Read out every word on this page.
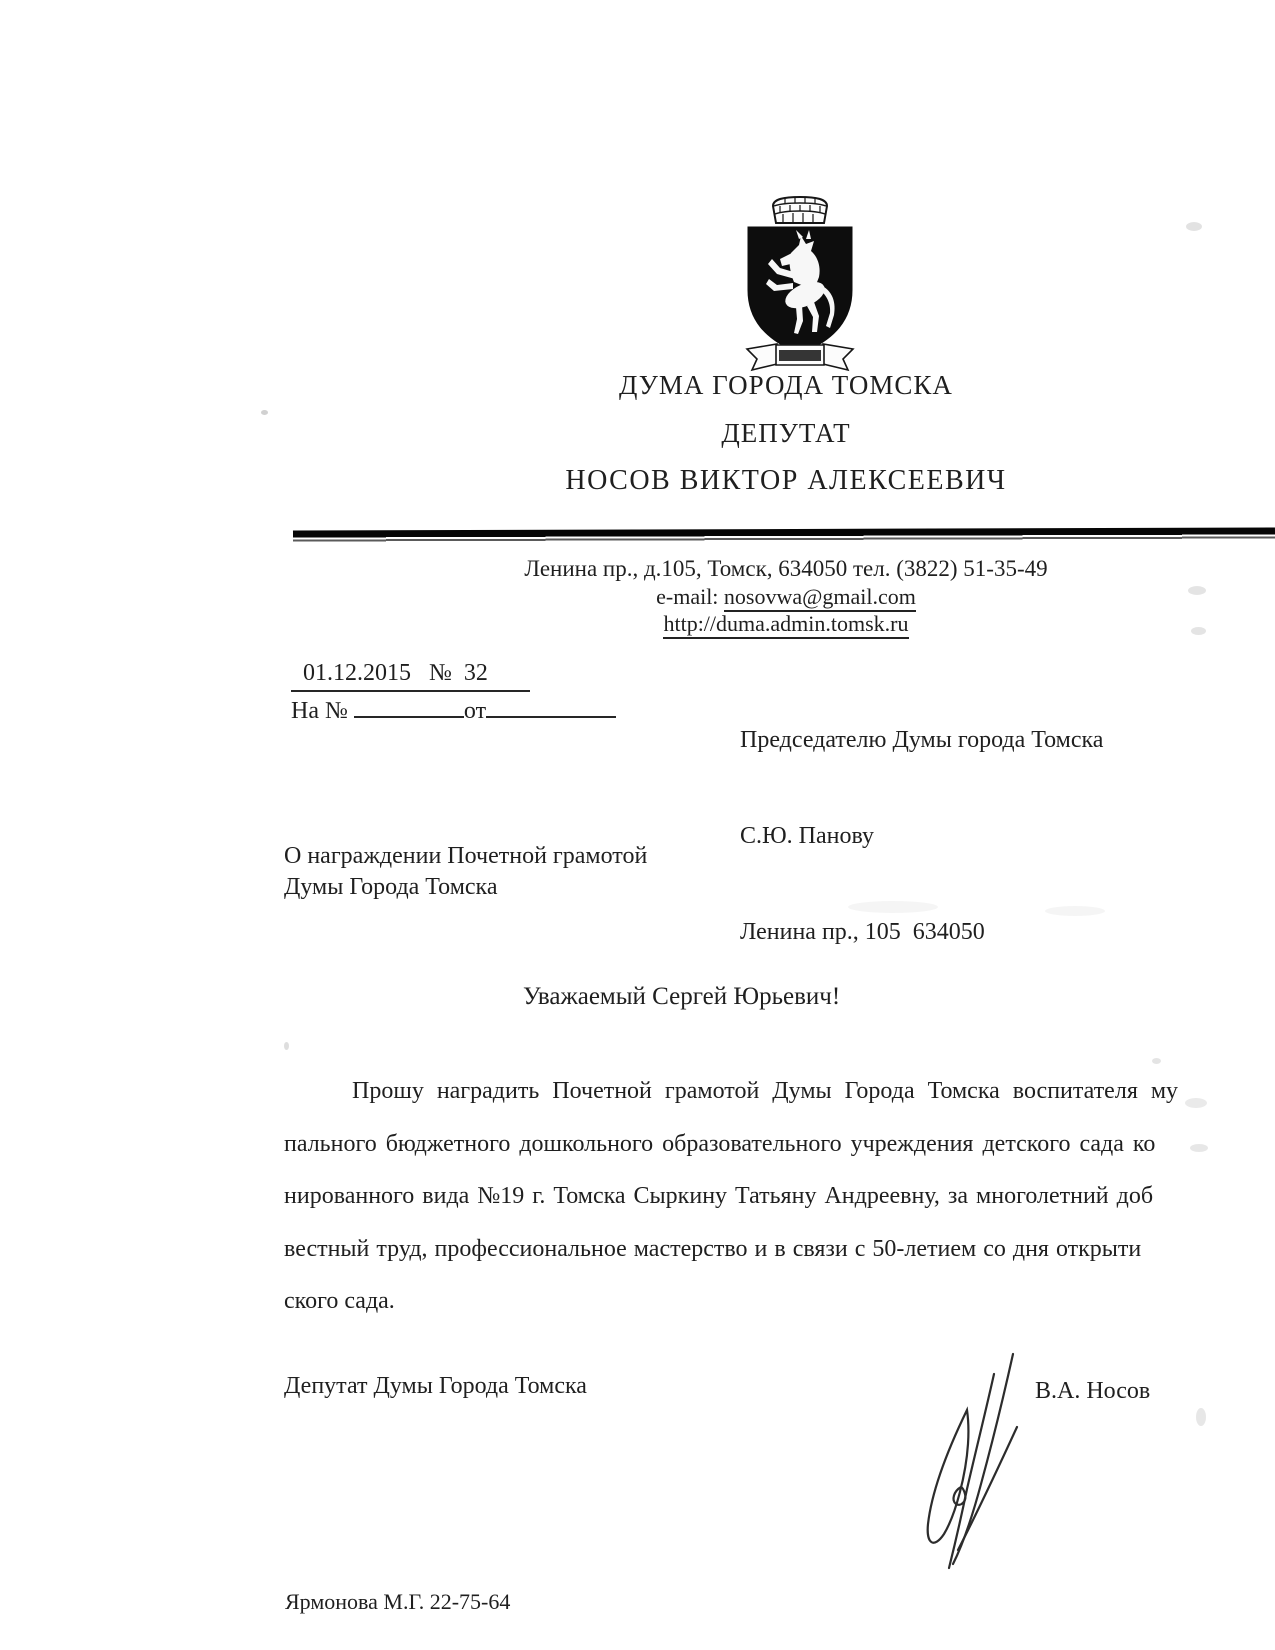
ДУМА ГОРОДА ТОМСКА
ДЕПУТАТ
НОСОВ ВИКТОР АЛЕКСЕЕВИЧ
Ленина пр., д.105, Томск, 634050 тел. (3822) 51-35-49
e-mail: nosovwa@gmail.com
http://duma.admin.tomsk.ru
01.12.2015   №  32
На №	от

Председателю Думы города Томска

С.Ю. Панову

Ленина пр., 105  634050

О награждении Почетной грамотой
Думы Города Томска
Уважаемый Сергей Юрьевич!
Прошу наградить Почетной грамотой Думы Города Томска воспитателя му
пального бюджетного дошкольного образовательного учреждения детского сада ко
нированного вида №19 г. Томска Сыркину Татьяну Андреевну, за многолетний доб
вестный труд, профессиональное мастерство и в связи с 50-летием со дня открыти
ского сада.
Депутат Думы Города Томска	В.А. Носов
Ярмонова М.Г. 22-75-64
